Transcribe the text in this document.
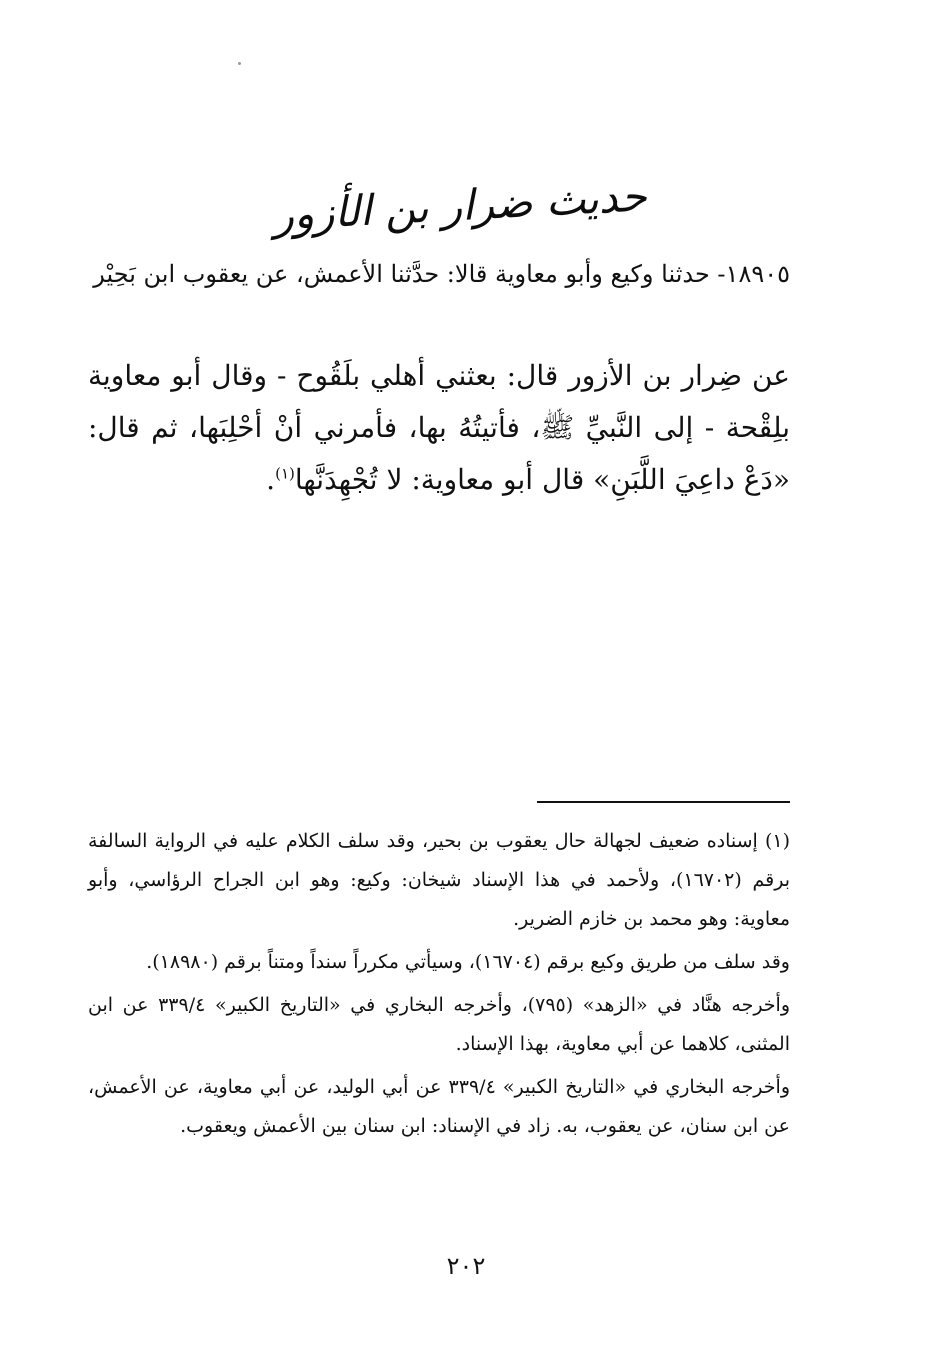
حديث ضرار بن الأزور
١٨٩٠٥- حدثنا وكيع وأبو معاوية قالا: حدَّثنا الأعمش، عن يعقوب ابن بَحِيْر
عن ضِرار بن الأزور قال: بعثني أهلي بلَقُوح - وقال أبو معاوية بلِقْحة - إلى النَّبيِّ ﷺ، فأتيتُهُ بها، فأمرني أنْ أحْلِبَها، ثم قال: «دَعْ داعِيَ اللَّبَنِ» قال أبو معاوية: لا تُجْهِدَنَّها$^{(١)}$.

(١) إسناده ضعيف لجهالة حال يعقوب بن بحير، وقد سلف الكلام عليه في الرواية السالفة برقم (١٦٧٠٢)، ولأحمد في هذا الإسناد شيخان: وكيع: وهو ابن الجراح الرؤاسي، وأبو معاوية: وهو محمد بن خازم الضرير.

وقد سلف من طريق وكيع برقم (١٦٧٠٤)، وسيأتي مكرراً سنداً ومتناً برقم (١٨٩٨٠).

وأخرجه هنَّاد في «الزهد» (٧٩٥)، وأخرجه البخاري في «التاريخ الكبير» ٣٣٩/٤ عن ابن المثنى، كلاهما عن أبي معاوية، بهذا الإسناد.

وأخرجه البخاري في «التاريخ الكبير» ٣٣٩/٤ عن أبي الوليد، عن أبي معاوية، عن الأعمش، عن ابن سنان، عن يعقوب، به. زاد في الإسناد: ابن سنان بين الأعمش ويعقوب.

٢٠٢
